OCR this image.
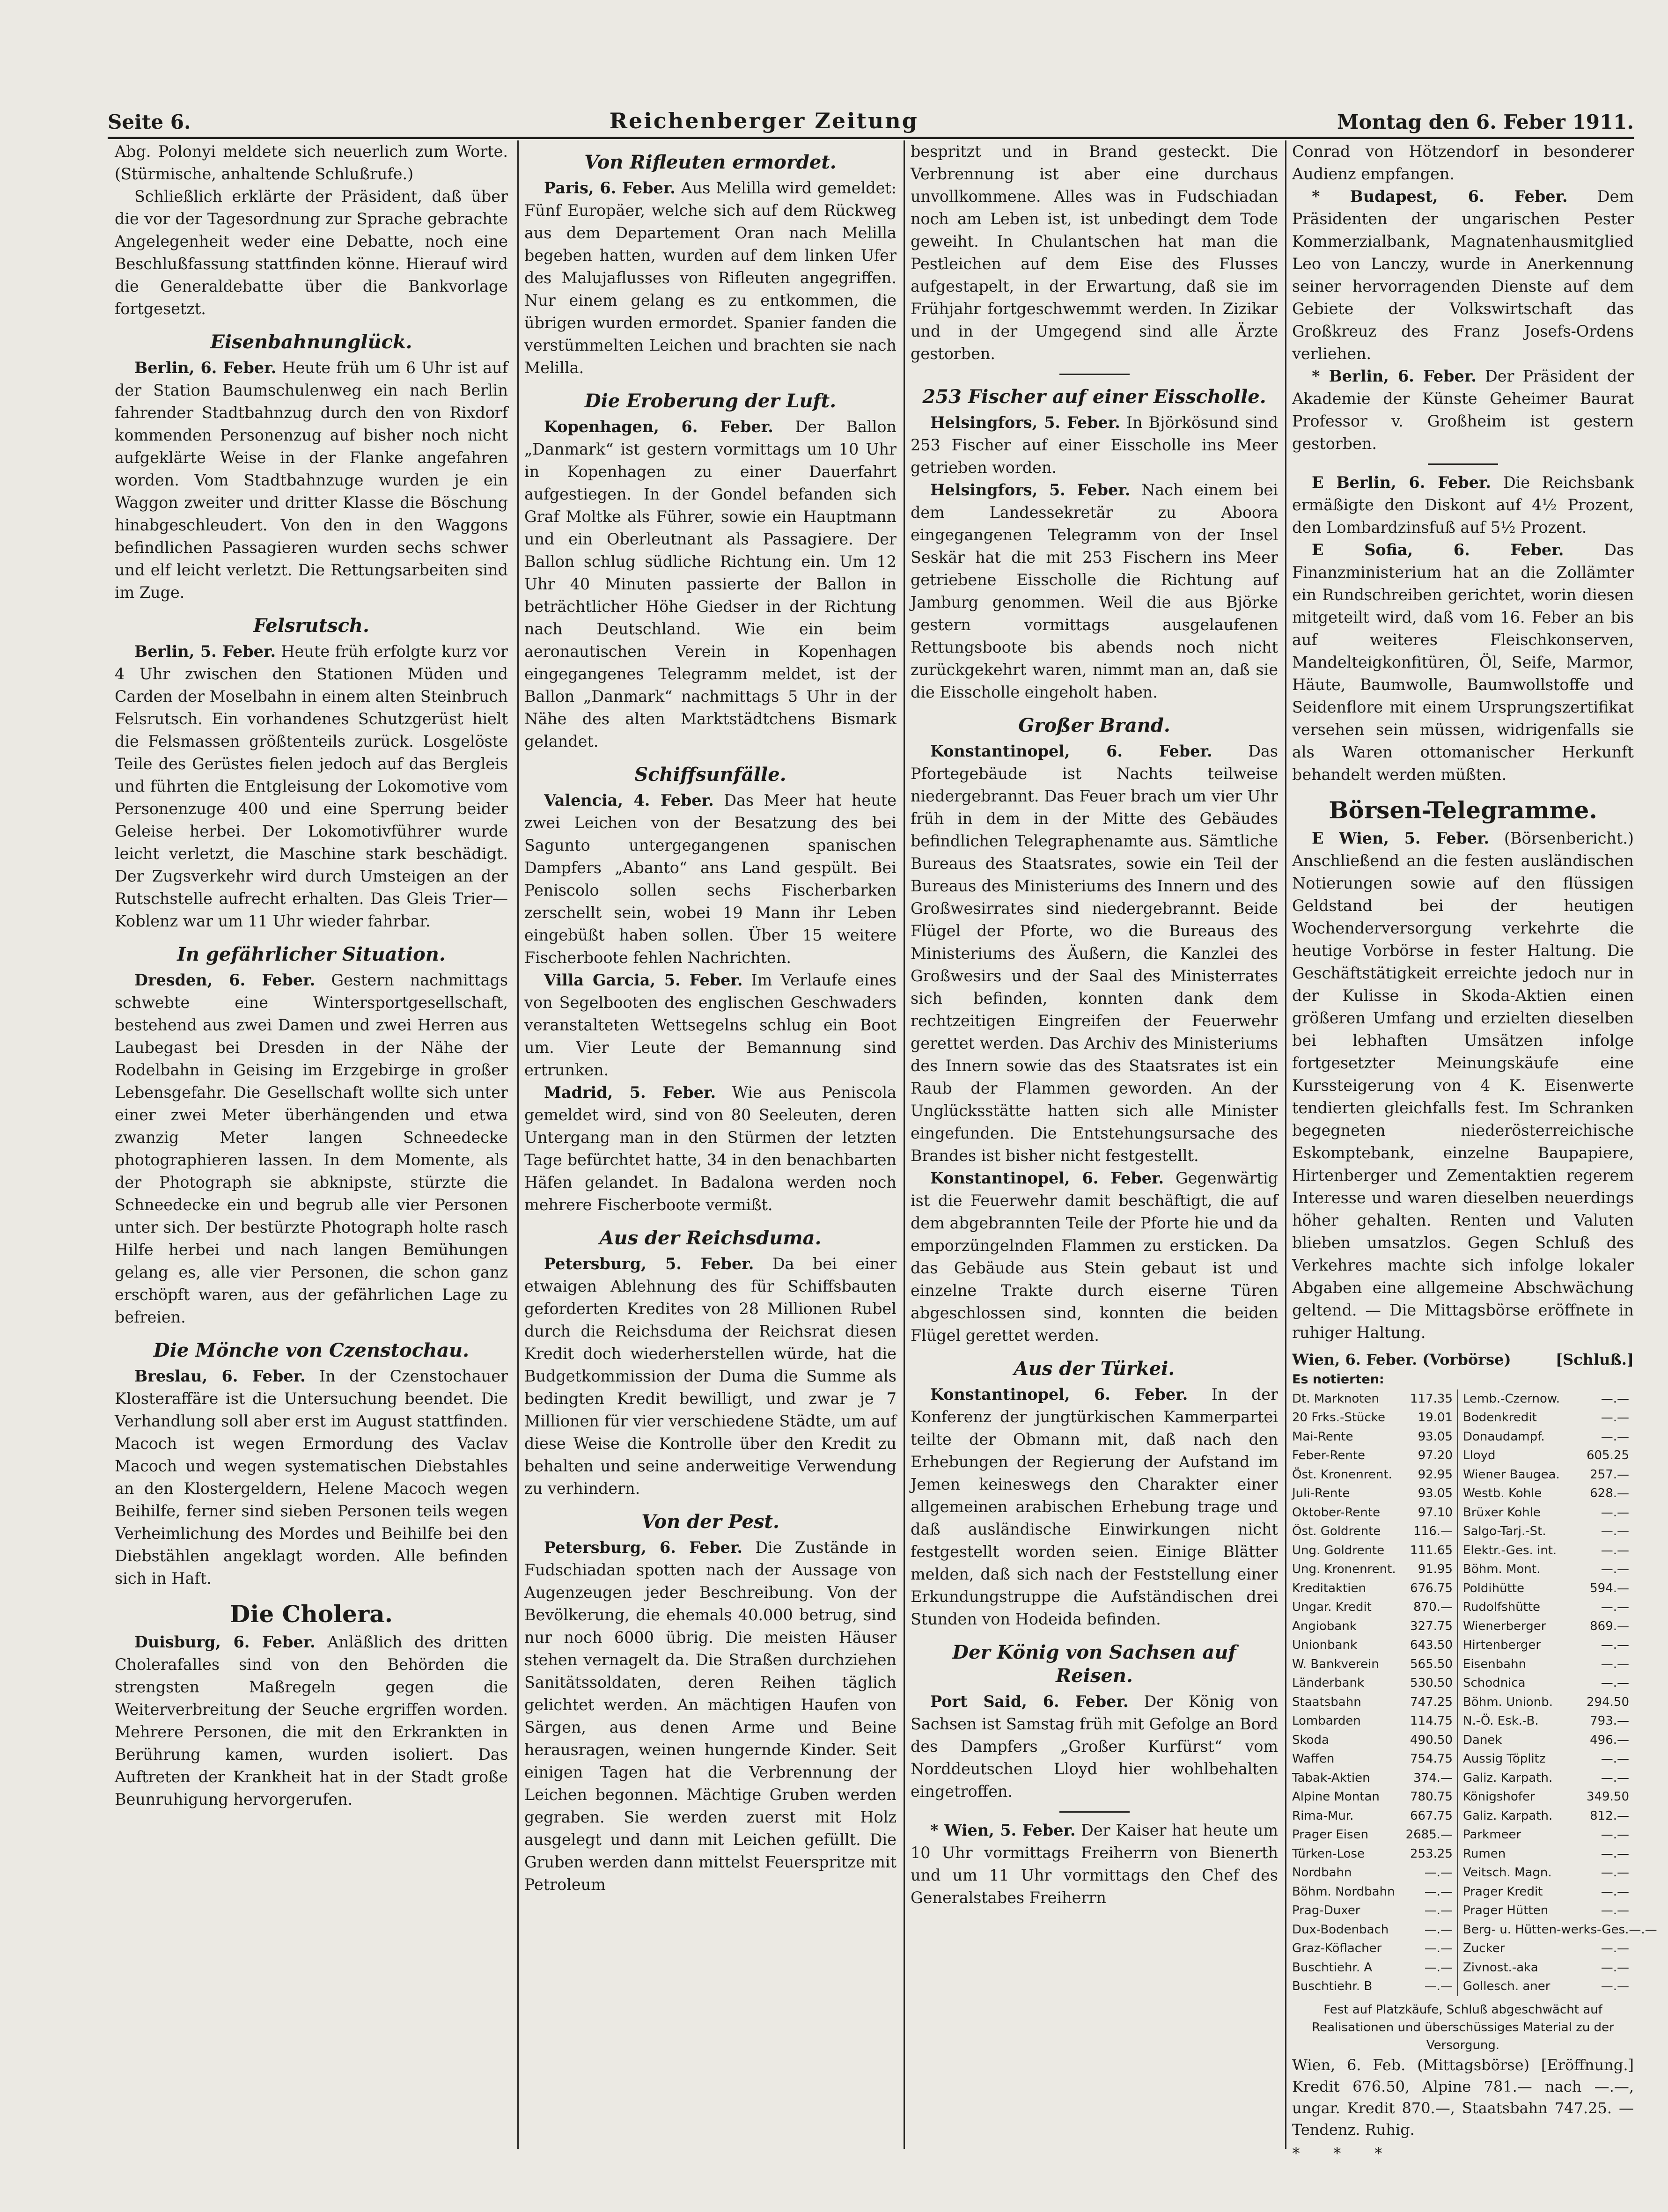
Seite 6.	Reichenberger Zeitung	Montag den 6. Feber 1911.

Abg. Polonyi meldete sich neuerlich zum Worte. (Stürmische, anhaltende Schlußrufe.)

Schließlich erklärte der Präsident, daß über die vor der Tagesordnung zur Sprache gebrachte Angelegenheit weder eine Debatte, noch eine Beschlußfassung stattfinden könne. Hierauf wird die Generaldebatte über die Bankvorlage fortgesetzt.

Eisenbahnunglück.

Berlin, 6. Feber. Heute früh um 6 Uhr ist auf der Station Baumschulenweg ein nach Berlin fahrender Stadtbahnzug durch den von Rixdorf kommenden Personenzug auf bisher noch nicht aufgeklärte Weise in der Flanke angefahren worden. Vom Stadtbahnzuge wurden je ein Waggon zweiter und dritter Klasse die Böschung hinabgeschleudert. Von den in den Waggons befindlichen Passagieren wurden sechs schwer und elf leicht verletzt. Die Rettungsarbeiten sind im Zuge.

Felsrutsch.

Berlin, 5. Feber. Heute früh erfolgte kurz vor 4 Uhr zwischen den Stationen Müden und Carden der Moselbahn in einem alten Steinbruch Felsrutsch. Ein vorhandenes Schutzgerüst hielt die Felsmassen größtenteils zurück. Losgelöste Teile des Gerüstes fielen jedoch auf das Bergleis und führten die Entgleisung der Lokomotive vom Personenzuge 400 und eine Sperrung beider Geleise herbei. Der Lokomotivführer wurde leicht verletzt, die Maschine stark beschädigt. Der Zugsverkehr wird durch Umsteigen an der Rutschstelle aufrecht erhalten. Das Gleis Trier—Koblenz war um 11 Uhr wieder fahrbar.

In gefährlicher Situation.

Dresden, 6. Feber. Gestern nachmittags schwebte eine Wintersportgesellschaft, bestehend aus zwei Damen und zwei Herren aus Laubegast bei Dresden in der Nähe der Rodelbahn in Geising im Erzgebirge in großer Lebensgefahr. Die Gesellschaft wollte sich unter einer zwei Meter überhängenden und etwa zwanzig Meter langen Schneedecke photographieren lassen. In dem Momente, als der Photograph sie abknipste, stürzte die Schneedecke ein und begrub alle vier Personen unter sich. Der bestürzte Photograph holte rasch Hilfe herbei und nach langen Bemühungen gelang es, alle vier Personen, die schon ganz erschöpft waren, aus der gefährlichen Lage zu befreien.

Die Mönche von Czenstochau.

Breslau, 6. Feber. In der Czenstochauer Klosteraffäre ist die Untersuchung beendet. Die Verhandlung soll aber erst im August stattfinden. Macoch ist wegen Ermordung des Vaclav Macoch und wegen systematischen Diebstahles an den Klostergeldern, Helene Macoch wegen Beihilfe, ferner sind sieben Personen teils wegen Verheimlichung des Mordes und Beihilfe bei den Diebstählen angeklagt worden. Alle befinden sich in Haft.

Die Cholera.

Duisburg, 6. Feber. Anläßlich des dritten Cholerafalles sind von den Behörden die strengsten Maßregeln gegen die Weiterverbreitung der Seuche ergriffen worden. Mehrere Personen, die mit den Erkrankten in Berührung kamen, wurden isoliert. Das Auftreten der Krankheit hat in der Stadt große Beunruhigung hervorgerufen.

Von Rifleuten ermordet.

Paris, 6. Feber. Aus Melilla wird gemeldet: Fünf Europäer, welche sich auf dem Rückweg aus dem Departement Oran nach Melilla begeben hatten, wurden auf dem linken Ufer des Malujaflusses von Rifleuten angegriffen. Nur einem gelang es zu entkommen, die übrigen wurden ermordet. Spanier fanden die verstümmelten Leichen und brachten sie nach Melilla.

Die Eroberung der Luft.

Kopenhagen, 6. Feber. Der Ballon „Danmark“ ist gestern vormittags um 10 Uhr in Kopenhagen zu einer Dauerfahrt aufgestiegen. In der Gondel befanden sich Graf Moltke als Führer, sowie ein Hauptmann und ein Oberleutnant als Passagiere. Der Ballon schlug südliche Richtung ein. Um 12 Uhr 40 Minuten passierte der Ballon in beträchtlicher Höhe Giedser in der Richtung nach Deutschland. Wie ein beim aeronautischen Verein in Kopenhagen eingegangenes Telegramm meldet, ist der Ballon „Danmark“ nachmittags 5 Uhr in der Nähe des alten Marktstädtchens Bismark gelandet.

Schiffsunfälle.

Valencia, 4. Feber. Das Meer hat heute zwei Leichen von der Besatzung des bei Sagunto untergegangenen spanischen Dampfers „Abanto“ ans Land gespült. Bei Peniscolo sollen sechs Fischerbarken zerschellt sein, wobei 19 Mann ihr Leben eingebüßt haben sollen. Über 15 weitere Fischerboote fehlen Nachrichten.

Villa Garcia, 5. Feber. Im Verlaufe eines von Segelbooten des englischen Geschwaders veranstalteten Wettsegelns schlug ein Boot um. Vier Leute der Bemannung sind ertrunken.

Madrid, 5. Feber. Wie aus Peniscola gemeldet wird, sind von 80 Seeleuten, deren Untergang man in den Stürmen der letzten Tage befürchtet hatte, 34 in den benachbarten Häfen gelandet. In Badalona werden noch mehrere Fischerboote vermißt.

Aus der Reichsduma.

Petersburg, 5. Feber. Da bei einer etwaigen Ablehnung des für Schiffsbauten geforderten Kredites von 28 Millionen Rubel durch die Reichsduma der Reichsrat diesen Kredit doch wiederherstellen würde, hat die Budgetkommission der Duma die Summe als bedingten Kredit bewilligt, und zwar je 7 Millionen für vier verschiedene Städte, um auf diese Weise die Kontrolle über den Kredit zu behalten und seine anderweitige Verwendung zu verhindern.

Von der Pest.

Petersburg, 6. Feber. Die Zustände in Fudschiadan spotten nach der Aussage von Augenzeugen jeder Beschreibung. Von der Bevölkerung, die ehemals 40.000 betrug, sind nur noch 6000 übrig. Die meisten Häuser stehen vernagelt da. Die Straßen durchziehen Sanitätssoldaten, deren Reihen täglich gelichtet werden. An mächtigen Haufen von Särgen, aus denen Arme und Beine herausragen, weinen hungernde Kinder. Seit einigen Tagen hat die Verbrennung der Leichen begonnen. Mächtige Gruben werden gegraben. Sie werden zuerst mit Holz ausgelegt und dann mit Leichen gefüllt. Die Gruben werden dann mittelst Feuerspritze mit Petroleum

bespritzt und in Brand gesteckt. Die Verbrennung ist aber eine durchaus unvollkommene. Alles was in Fudschiadan noch am Leben ist, ist unbedingt dem Tode geweiht. In Chulantschen hat man die Pestleichen auf dem Eise des Flusses aufgestapelt, in der Erwartung, daß sie im Frühjahr fortgeschwemmt werden. In Zizikar und in der Umgegend sind alle Ärzte gestorben.

253 Fischer auf einer Eisscholle.

Helsingfors, 5. Feber. In Björkösund sind 253 Fischer auf einer Eisscholle ins Meer getrieben worden.

Helsingfors, 5. Feber. Nach einem bei dem Landessekretär zu Aboora eingegangenen Telegramm von der Insel Seskär hat die mit 253 Fischern ins Meer getriebene Eisscholle die Richtung auf Jamburg genommen. Weil die aus Björke gestern vormittags ausgelaufenen Rettungsboote bis abends noch nicht zurückgekehrt waren, nimmt man an, daß sie die Eisscholle eingeholt haben.

Großer Brand.

Konstantinopel, 6. Feber. Das Pfortegebäude ist Nachts teilweise niedergebrannt. Das Feuer brach um vier Uhr früh in dem in der Mitte des Gebäudes befindlichen Telegraphenamte aus. Sämtliche Bureaus des Staatsrates, sowie ein Teil der Bureaus des Ministeriums des Innern und des Großwesirrates sind niedergebrannt. Beide Flügel der Pforte, wo die Bureaus des Ministeriums des Äußern, die Kanzlei des Großwesirs und der Saal des Ministerrates sich befinden, konnten dank dem rechtzeitigen Eingreifen der Feuerwehr gerettet werden. Das Archiv des Ministeriums des Innern sowie das des Staatsrates ist ein Raub der Flammen geworden. An der Unglücksstätte hatten sich alle Minister eingefunden. Die Entstehungsursache des Brandes ist bisher nicht festgestellt.

Konstantinopel, 6. Feber. Gegenwärtig ist die Feuerwehr damit beschäftigt, die auf dem abgebrannten Teile der Pforte hie und da emporzüngelnden Flammen zu ersticken. Da das Gebäude aus Stein gebaut ist und einzelne Trakte durch eiserne Türen abgeschlossen sind, konnten die beiden Flügel gerettet werden.

Aus der Türkei.

Konstantinopel, 6. Feber. In der Konferenz der jungtürkischen Kammerpartei teilte der Obmann mit, daß nach den Erhebungen der Regierung der Aufstand im Jemen keineswegs den Charakter einer allgemeinen arabischen Erhebung trage und daß ausländische Einwirkungen nicht festgestellt worden seien. Einige Blätter melden, daß sich nach der Feststellung einer Erkundungstruppe die Aufständischen drei Stunden von Hodeida befinden.

Der König von Sachsen auf Reisen.

Port Said, 6. Feber. Der König von Sachsen ist Samstag früh mit Gefolge an Bord des Dampfers „Großer Kurfürst“ vom Norddeutschen Lloyd hier wohlbehalten eingetroffen.

* Wien, 5. Feber. Der Kaiser hat heute um 10 Uhr vormittags Freiherrn von Bienerth und um 11 Uhr vormittags den Chef des Generalstabes Freiherrn

Conrad von Hötzendorf in besonderer Audienz empfangen.

* Budapest, 6. Feber. Dem Präsidenten der ungarischen Pester Kommerzialbank, Magnatenhausmitglied Leo von Lanczy, wurde in Anerkennung seiner hervorragenden Dienste auf dem Gebiete der Volkswirtschaft das Großkreuz des Franz Josefs-Ordens verliehen.

* Berlin, 6. Feber. Der Präsident der Akademie der Künste Geheimer Baurat Professor v. Großheim ist gestern gestorben.

E Berlin, 6. Feber. Die Reichsbank ermäßigte den Diskont auf 4½ Prozent, den Lombardzinsfuß auf 5½ Prozent.

E Sofia, 6. Feber.	Das Finanzministerium hat an die Zollämter ein Rundschreiben gerichtet, worin diesen mitgeteilt wird, daß vom 16. Feber an bis auf weiteres Fleischkonserven, Mandelteigkonfitüren, Öl, Seife, Marmor, Häute, Baumwolle, Baumwollstoffe und Seidenflore mit einem Ursprungszertifikat versehen sein müssen, widrigenfalls sie als Waren ottomanischer Herkunft behandelt werden müßten.

Börsen-Telegramme.

E Wien, 5. Feber. (Börsenbericht.) Anschließend an die festen ausländischen Notierungen sowie auf den flüssigen Geldstand bei der heutigen Wochenderversorgung verkehrte die heutige Vorbörse in fester Haltung. Die Geschäftstätigkeit erreichte jedoch nur in der Kulisse in Skoda-Aktien einen größeren Umfang und erzielten dieselben bei lebhaften Umsätzen infolge fortgesetzter Meinungskäufe eine Kurssteigerung von 4 K. Eisenwerte tendierten gleichfalls fest. Im Schranken begegneten niederösterreichische Eskomptebank, einzelne Baupapiere, Hirtenberger und Zementaktien regerem Interesse und waren dieselben neuerdings höher gehalten. Renten und Valuten blieben umsatzlos. Gegen Schluß des Verkehres machte sich infolge lokaler Abgaben eine allgemeine Abschwächung geltend. — Die Mittagsbörse eröffnete in ruhiger Haltung.

Wien, 6. Feber. (Vorbörse)	[Schluß.]
Es notierten:
Dt. Marknoten	117.35
20 Frks.-Stücke	19.01
Mai-Rente	93.05
Feber-Rente	97.20
Öst. Kronenrent. 92.95
Juli-Rente	93.05
Oktober-Rente	97.10
Öst. Goldrente	116.—
Ung. Goldrente 111.65
Ung. Kronenrent. 91.95
Kreditaktien	676.75
Ungar. Kredit	870.—
Angiobank	327.75
Unionbank	643.50
W. Bankverein	565.50
Länderbank	530.50
Staatsbahn	747.25
Lombarden	114.75
Skoda	490.50
Waffen	754.75
Tabak-Aktien	374.—
Alpine Montan	780.75
Rima-Mur.	667.75
Prager Eisen	2685.—
Türken-Lose	253.25
Nordbahn	—.—
Böhm. Nordbahn —.—
Prag-Duxer	—.—
Dux-Bodenbach	—.—
Graz-Köflacher	—.—
Buschtiehr. A	—.—
Buschtiehr. B	—.—
Lemb.-Czernow.	—.—
Bodenkredit	—.—
Donaudampf.	—.—
Lloyd	605.25
Wiener Baugea. 257.—
Westb. Kohle	628.—
Brüxer Kohle	—.—
Salgo-Tarj.-St.	—.—
Elektr.-Ges. int.	—.—
Böhm. Mont.	—.—
Poldihütte	594.—
Rudolfshütte	—.—
Wienerberger	869.—
Hirtenberger	—.—
Eisenbahn	—.—
Schodnica	—.—
Böhm. Unionb.	294.50
N.-Ö. Esk.-B.	793.—
Danek	496.—
Aussig Töplitz	—.—
Galiz. Karpath.	—.—
Königshofer	349.50
Galiz. Karpath.	812.—
Parkmeer	—.—
Rumen	—.—
Veitsch. Magn.	—.—
Prager Kredit	—.—
Prager Hütten	—.—
Berg- u. Hütten-werks-Ges. —.—
Zucker	—.—
Zivnost.-aka	—.—
Gollesch. aner	—.—
Fest auf Platzkäufe, Schluß abgeschwächt auf Realisationen und überschüssiges Material zu der Versorgung.
Wien, 6. Feb. (Mittagsbörse) [Eröffnung.] Kredit 676.50, Alpine 781.— nach —.—, ungar. Kredit 870.—, Staatsbahn 747.25. — Tendenz. Ruhig.
* * *
